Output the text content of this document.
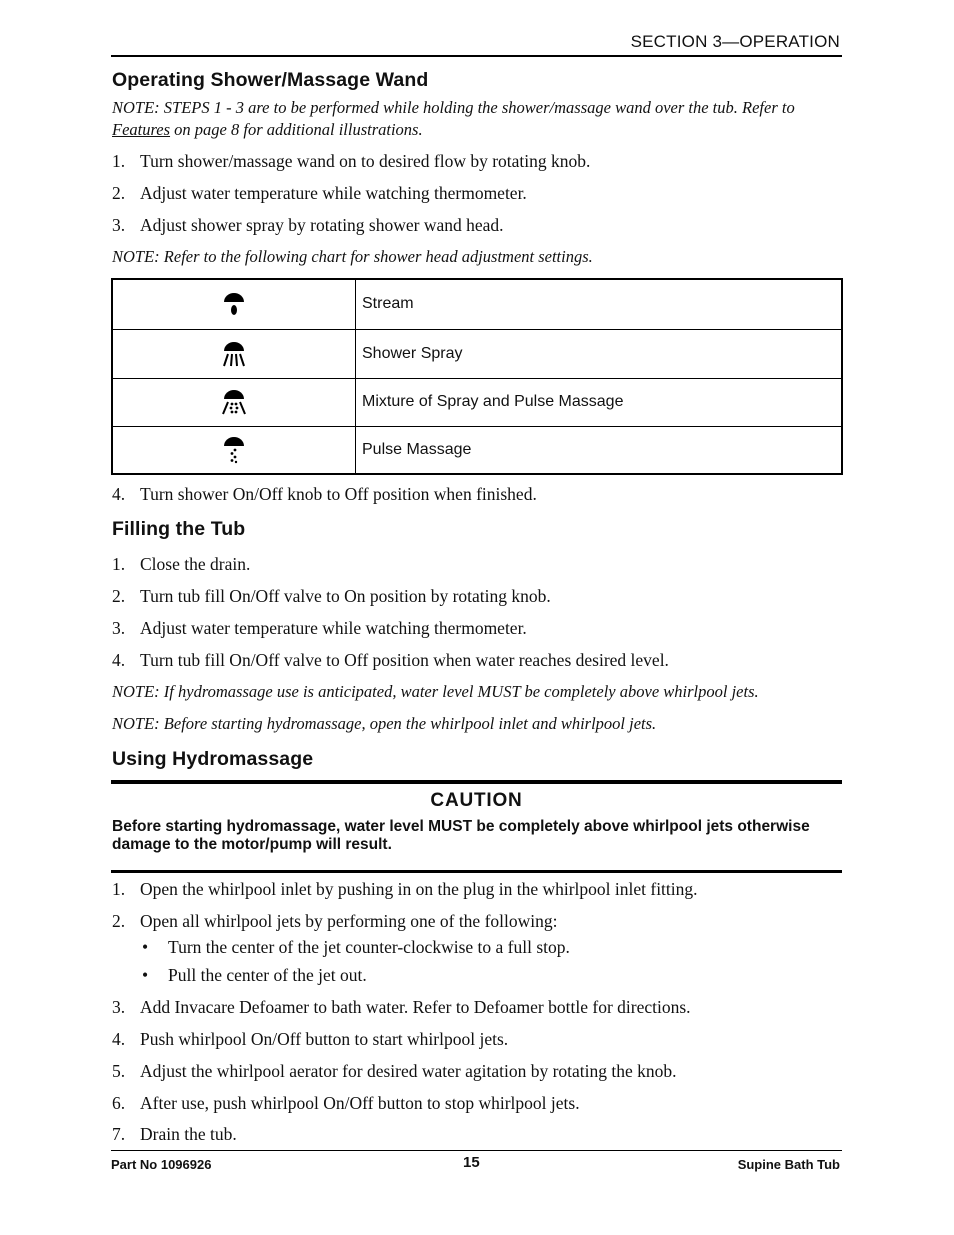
SECTION 3—OPERATION
Operating Shower/Massage Wand
NOTE: STEPS 1 - 3 are to be performed while holding the shower/massage wand over the tub. Refer to
Features on page 8 for additional illustrations.
1. Turn shower/massage wand on to desired flow by rotating knob.
2. Adjust water temperature while watching thermometer.
3. Adjust shower spray by rotating shower wand head.
NOTE: Refer to the following chart for shower head adjustment settings.
	Stream

	Shower Spray

	Mixture of Spray and Pulse Massage

	Pulse Massage
4. Turn shower On/Off knob to Off position when finished.
Filling the Tub
1. Close the drain.
2. Turn tub fill On/Off valve to On position by rotating knob.
3. Adjust water temperature while watching thermometer.
4. Turn tub fill On/Off valve to Off position when water reaches desired level.
NOTE: If hydromassage use is anticipated, water level MUST be completely above whirlpool jets.
NOTE: Before starting hydromassage, open the whirlpool inlet and whirlpool jets.
Using Hydromassage
CAUTION
Before starting hydromassage, water level MUST be completely above whirlpool jets otherwise damage to the motor/pump will result.
1. Open the whirlpool inlet by pushing in on the plug in the whirlpool inlet fitting.
2. Open all whirlpool jets by performing one of the following:
• Turn the center of the jet counter-clockwise to a full stop.
• Pull the center of the jet out.
3. Add Invacare Defoamer to bath water. Refer to Defoamer bottle for directions.
4. Push whirlpool On/Off button to start whirlpool jets.
5. Adjust the whirlpool aerator for desired water agitation by rotating the knob.
6. After use, push whirlpool On/Off button to stop whirlpool jets.
7. Drain the tub.
Part No 1096926	15	Supine Bath Tub
